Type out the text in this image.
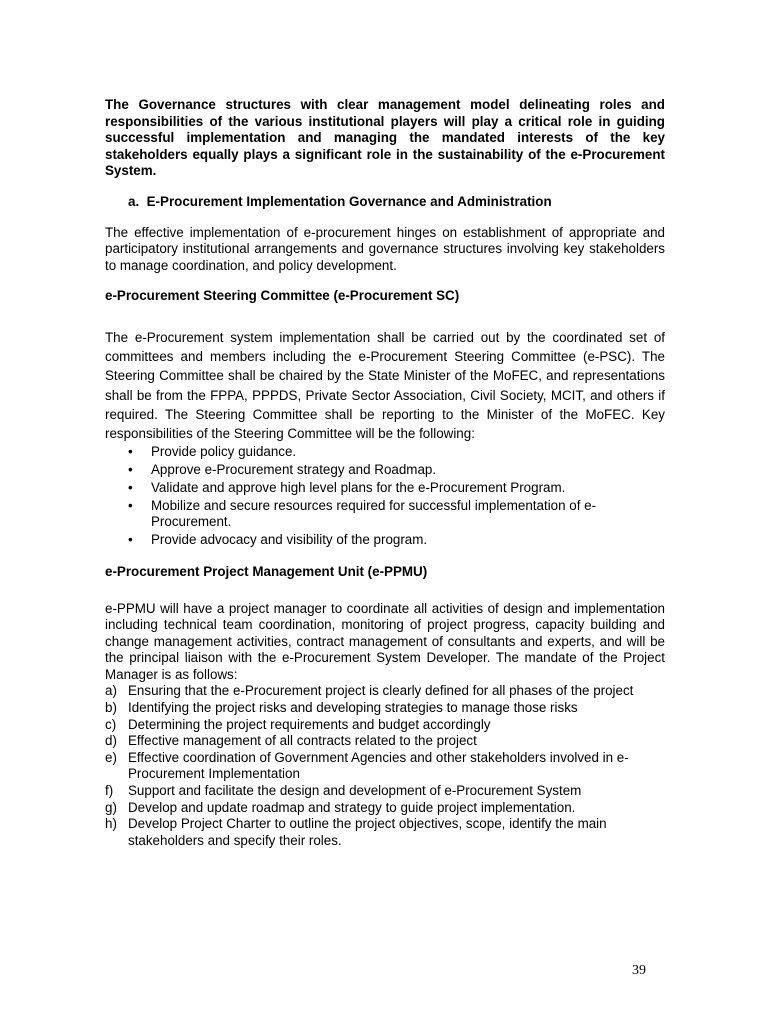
The Governance structures with clear management model delineating roles and responsibilities of the various institutional players will play a critical role in guiding successful implementation and managing the mandated interests of the key stakeholders equally plays a significant role in the sustainability of the e-Procurement System.

a. E-Procurement Implementation Governance and Administration

The effective implementation of e-procurement hinges on establishment of appropriate and participatory institutional arrangements and governance structures involving key stakeholders to manage coordination, and policy development.

e-Procurement Steering Committee (e-Procurement SC)

The e-Procurement system implementation shall be carried out by the coordinated set of committees and members including the e-Procurement Steering Committee (e-PSC). The Steering Committee shall be chaired by the State Minister of the MoFEC, and representations shall be from the FPPA, PPPDS, Private Sector Association, Civil Society, MCIT, and others if required. The Steering Committee shall be reporting to the Minister of the MoFEC. Key responsibilities of the Steering Committee will be the following:

• Provide policy guidance.
• Approve e-Procurement strategy and Roadmap.
• Validate and approve high level plans for the e-Procurement Program.
• Mobilize and secure resources required for successful implementation of e-Procurement.
• Provide advocacy and visibility of the program.
e-Procurement Project Management Unit (e-PPMU)

e-PPMU will have a project manager to coordinate all activities of design and implementation including technical team coordination, monitoring of project progress, capacity building and change management activities, contract management of consultants and experts, and will be the principal liaison with the e-Procurement System Developer. The mandate of the Project Manager is as follows:

a) Ensuring that the e-Procurement project is clearly defined for all phases of the project
b) Identifying the project risks and developing strategies to manage those risks
c) Determining the project requirements and budget accordingly
d) Effective management of all contracts related to the project
e) Effective coordination of Government Agencies and other stakeholders involved in e-Procurement Implementation
f) Support and facilitate the design and development of e-Procurement System
g) Develop and update roadmap and strategy to guide project implementation.
h) Develop Project Charter to outline the project objectives, scope, identify the main stakeholders and specify their roles.
39
